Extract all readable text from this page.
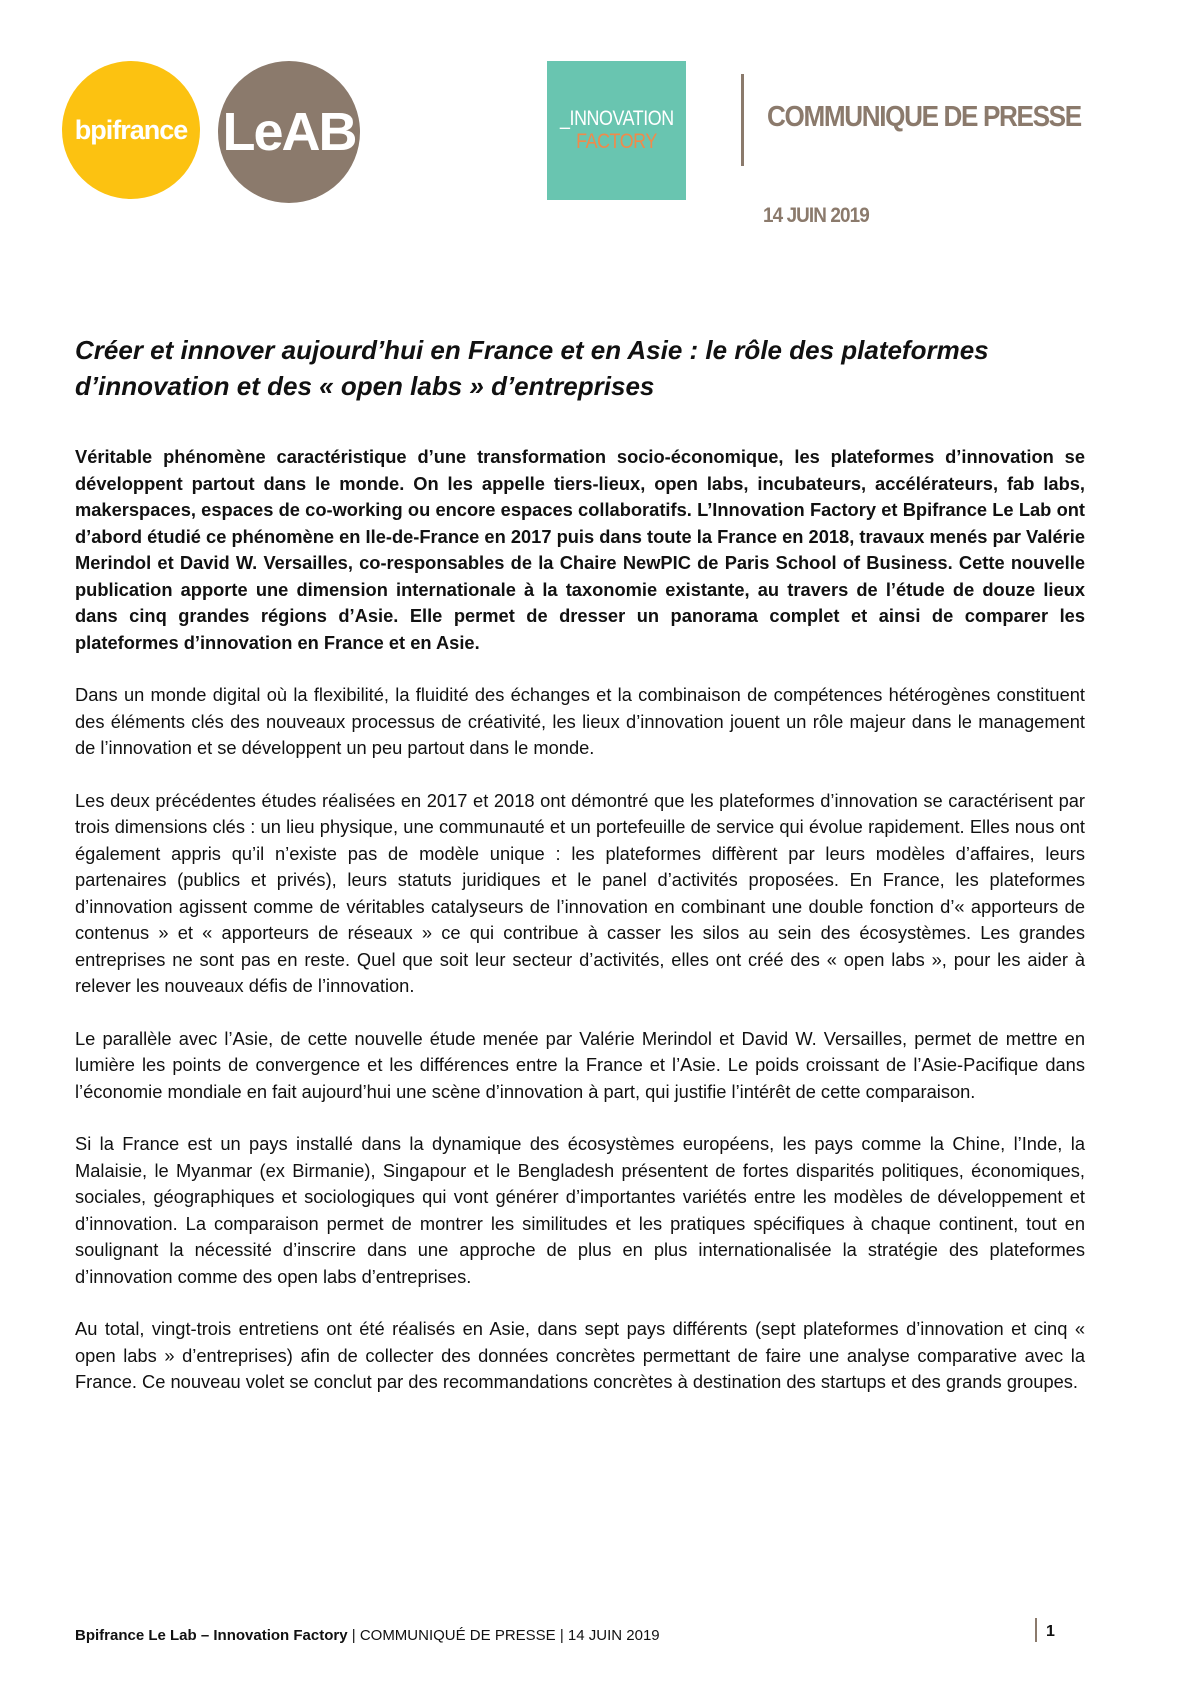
bpifrance LeAB	_INNOVATION
FACTORY
COMMUNIQUE DE PRESSE
14 JUIN 2019
Créer et innover aujourd’hui en France et en Asie : le rôle des plateformes d’innovation et des « open labs » d’entreprises

Véritable phénomène caractéristique d’une transformation socio-économique, les plateformes d’innovation se développent partout dans le monde. On les appelle tiers-lieux, open labs, incubateurs, accélérateurs, fab labs, makerspaces, espaces de co-working ou encore espaces collaboratifs. L’Innovation Factory et Bpifrance Le Lab ont d’abord étudié ce phénomène en Ile-de-France en 2017 puis dans toute la France en 2018, travaux menés par Valérie Merindol et David W. Versailles, co-responsables de la Chaire NewPIC de Paris School of Business. Cette nouvelle publication apporte une dimension internationale à la taxonomie existante, au travers de l’étude de douze lieux dans cinq grandes régions d’Asie. Elle permet de dresser un panorama complet et ainsi de comparer les plateformes d’innovation en France et en Asie.

Dans un monde digital où la flexibilité, la fluidité des échanges et la combinaison de compétences hétérogènes constituent des éléments clés des nouveaux processus de créativité, les lieux d’innovation jouent un rôle majeur dans le management de l’innovation et se développent un peu partout dans le monde.

Les deux précédentes études réalisées en 2017 et 2018 ont démontré que les plateformes d’innovation se caractérisent par trois dimensions clés : un lieu physique, une communauté et un portefeuille de service qui évolue rapidement. Elles nous ont également appris qu’il n’existe pas de modèle unique : les plateformes diffèrent par leurs modèles d’affaires, leurs partenaires (publics et privés), leurs statuts juridiques et le panel d’activités proposées. En France, les plateformes d’innovation agissent comme de véritables catalyseurs de l’innovation en combinant une double fonction d’« apporteurs de contenus » et « apporteurs de réseaux » ce qui contribue à casser les silos au sein des écosystèmes. Les grandes entreprises ne sont pas en reste. Quel que soit leur secteur d’activités, elles ont créé des « open labs », pour les aider à relever les nouveaux défis de l’innovation.

Le parallèle avec l’Asie, de cette nouvelle étude menée par Valérie Merindol et David W. Versailles, permet de mettre en lumière les points de convergence et les différences entre la France et l’Asie. Le poids croissant de l’Asie-Pacifique dans l’économie mondiale en fait aujourd’hui une scène d’innovation à part, qui justifie l’intérêt de cette comparaison.

Si la France est un pays installé dans la dynamique des écosystèmes européens, les pays comme la Chine, l’Inde, la Malaisie, le Myanmar (ex Birmanie), Singapour et le Bengladesh présentent de fortes disparités politiques, économiques, sociales, géographiques et sociologiques qui vont générer d’importantes variétés entre les modèles de développement et d’innovation. La comparaison permet de montrer les similitudes et les pratiques spécifiques à chaque continent, tout en soulignant la nécessité d’inscrire dans une approche de plus en plus internationalisée la stratégie des plateformes d’innovation comme des open labs d’entreprises.

Au total, vingt-trois entretiens ont été réalisés en Asie, dans sept pays différents (sept plateformes d’innovation et cinq « open labs » d’entreprises) afin de collecter des données concrètes permettant de faire une analyse comparative avec la France. Ce nouveau volet se conclut par des recommandations concrètes à destination des startups et des grands groupes.

Bpifrance Le Lab – Innovation Factory | COMMUNIQUÉ DE PRESSE | 14 JUIN 2019	1
